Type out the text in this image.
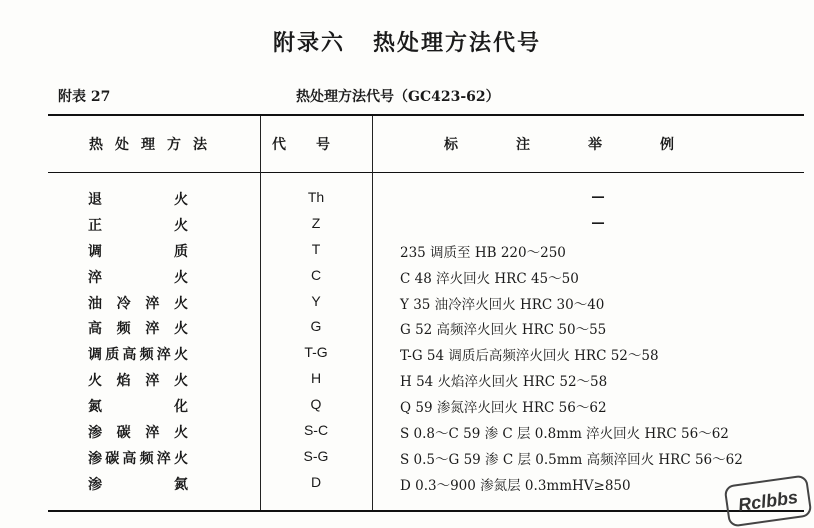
附录六 热处理方法代号
附表 27	热处理方法代号（GC423-62）
热处理方法	代号	标注举例
退火	Th	—
正火	Z	—
调质	T	235 调质至 HB 220～250
淬火	C	C 48 淬火回火 HRC 45～50
油冷淬火	Y	Y 35 油冷淬火回火 HRC 30～40
高频淬火	G	G 52 高频淬火回火 HRC 50～55
调质高频淬火	T-G	T-G 54 调质后高频淬火回火 HRC 52～58
火焰淬火	H	H 54 火焰淬火回火 HRC 52～58
氮化	Q	Q 59 渗氮淬火回火 HRC 56～62
渗碳淬火	S-C	S 0.8～C 59 渗 C 层 0.8mm 淬火回火 HRC 56～62
渗碳高频淬火	S-G	S 0.5～G 59 渗 C 层 0.5mm 高频淬回火 HRC 56～62
渗氮	D	D 0.3～900 渗氮层 0.3mmHV≥850
Rclbbs
